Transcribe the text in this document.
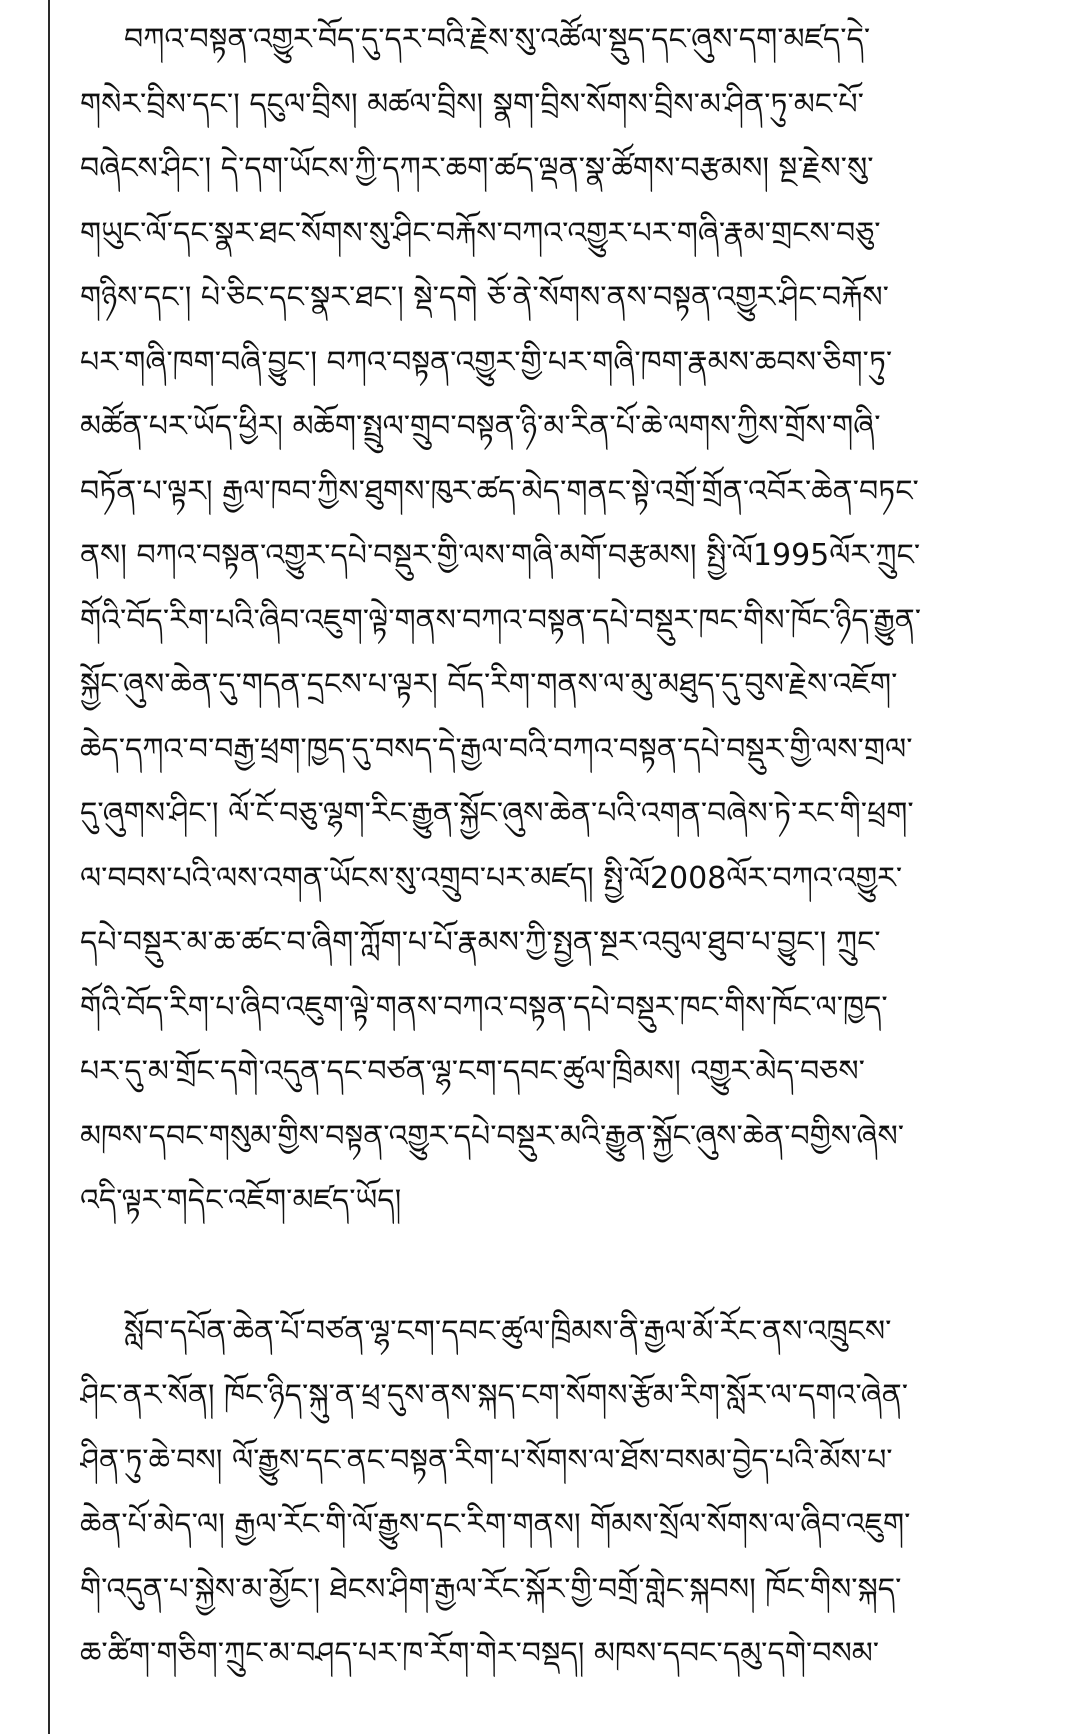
བཀའ་བསྟན་འགྱུར་བོད་དུ་དར་བའི་རྗེས་སུ་འཚོལ་སྡུད་དང་ཞུས་དག་མཛད་དེ་
གསེར་བྲིས་དང་། དངུལ་བྲིས། མཚལ་བྲིས། སྣག་བྲིས་སོགས་བྲིས་མ་ཤིན་ཏུ་མང་པོ་
བཞེངས་ཤིང་། དེ་དག་ཡོངས་ཀྱི་དཀར་ཆག་ཚད་ལྡན་སྣ་ཚོགས་བརྩམས། སྔ་རྗེས་སུ་
གཡུང་ལོ་དང་སྣར་ཐང་སོགས་སུ་ཤིང་བརྐོས་བཀའ་འགྱུར་པར་གཞི་རྣམ་གྲངས་བཅུ་
གཉིས་དང་། པེ་ཅིང་དང་སྣར་ཐང་། སྡེ་དགེ ཅོ་ནེ་སོགས་ནས་བསྟན་འགྱུར་ཤིང་བརྐོས་
པར་གཞི་ཁག་བཞི་བྱུང་། བཀའ་བསྟན་འགྱུར་གྱི་པར་གཞི་ཁག་རྣམས་ཆབས་ཅིག་ཏུ་
མཚོན་པར་ཡོད་ཕྱིར། མཆོག་སྤྲུལ་གྲུབ་བསྟན་ཉི་མ་རིན་པོ་ཆེ་ལགས་ཀྱིས་གྲོས་གཞི་
བཏོན་པ་ལྟར། རྒྱལ་ཁབ་ཀྱིས་ཐུགས་ཁུར་ཚད་མེད་གནང་སྟེ་འགྲོ་གྲོན་འབོར་ཆེན་བཏང་
ནས། བཀའ་བསྟན་འགྱུར་དཔེ་བསྡུར་གྱི་ལས་གཞི་མགོ་བརྩམས། སྤྱི་ལོ1995ལོར་ཀྲུང་
གོའི་བོད་རིག་པའི་ཞིབ་འཇུག་ལྟེ་གནས་བཀའ་བསྟན་དཔེ་བསྡུར་ཁང་གིས་ཁོང་ཉིད་རྒྱུན་
སྐྱོང་ཞུས་ཆེན་དུ་གདན་དྲངས་པ་ལྟར། བོད་རིག་གནས་ལ་མུ་མཐུད་དུ་བུས་རྗེས་འཇོག་
ཆེད་དཀའ་བ་བརྒྱ་ཕྲག་ཁྱད་དུ་བསད་དེ་རྒྱལ་བའི་བཀའ་བསྟན་དཔེ་བསྡུར་གྱི་ལས་གྲལ་
དུ་ཞུགས་ཤིང་། ལོ་ངོ་བཅུ་ལྷག་རིང་རྒྱུན་སྐྱོང་ཞུས་ཆེན་པའི་འགན་བཞེས་ཏེ་རང་གི་ཕྲག་
ལ་བབས་པའི་ལས་འགན་ཡོངས་སུ་འགྲུབ་པར་མཛད། སྤྱི་ལོ2008ལོར་བཀའ་འགྱུར་
དཔེ་བསྡུར་མ་ཆ་ཚང་བ་ཞིག་ཀློག་པ་པོ་རྣམས་ཀྱི་སྤྱན་སྔར་འབུལ་ཐུབ་པ་བྱུང་། ཀྲུང་
གོའི་བོད་རིག་པ་ཞིབ་འཇུག་ལྟེ་གནས་བཀའ་བསྟན་དཔེ་བསྡུར་ཁང་གིས་ཁོང་ལ་ཁྱད་
པར་དུ་མ་གྲོང་དགེ་འདུན་དང་བཙན་ལྷ་ངག་དབང་ཚུལ་ཁྲིམས། འགྱུར་མེད་བཅས་
མཁས་དབང་གསུམ་གྱིས་བསྟན་འགྱུར་དཔེ་བསྡུར་མའི་རྒྱུན་སྐྱོང་ཞུས་ཆེན་བགྱིས་ཞེས་
འདི་ལྟར་གདེང་འཇོག་མཛད་ཡོད།
སློབ་དཔོན་ཆེན་པོ་བཙན་ལྷ་ངག་དབང་ཚུལ་ཁྲིམས་ནི་རྒྱལ་མོ་རོང་ནས་འཁྲུངས་
ཤིང་ནར་སོན། ཁོང་ཉིད་སྐུ་ན་ཕྲ་དུས་ནས་སྐད་ངག་སོགས་རྩོམ་རིག་སློར་ལ་དགའ་ཞེན་
ཤིན་ཏུ་ཆེ་བས། ལོ་རྒྱུས་དང་ནང་བསྟན་རིག་པ་སོགས་ལ་ཐོས་བསམ་བྱེད་པའི་མོས་པ་
ཆེན་པོ་མེད་ལ། རྒྱལ་རོང་གི་ལོ་རྒྱུས་དང་རིག་གནས། གོམས་སྲོལ་སོགས་ལ་ཞིབ་འཇུག་
གི་འདུན་པ་སྐྱེས་མ་མྱོང་། ཐེངས་ཤིག་རྒྱལ་རོང་སྐོར་གྱི་བགྲོ་གླེང་སྐབས། ཁོང་གིས་སྐད་
ཆ་ཚིག་གཅིག་ཀྲུང་མ་བཤད་པར་ཁ་རོག་གེར་བསྡད། མཁས་དབང་དམུ་དགེ་བསམ་
